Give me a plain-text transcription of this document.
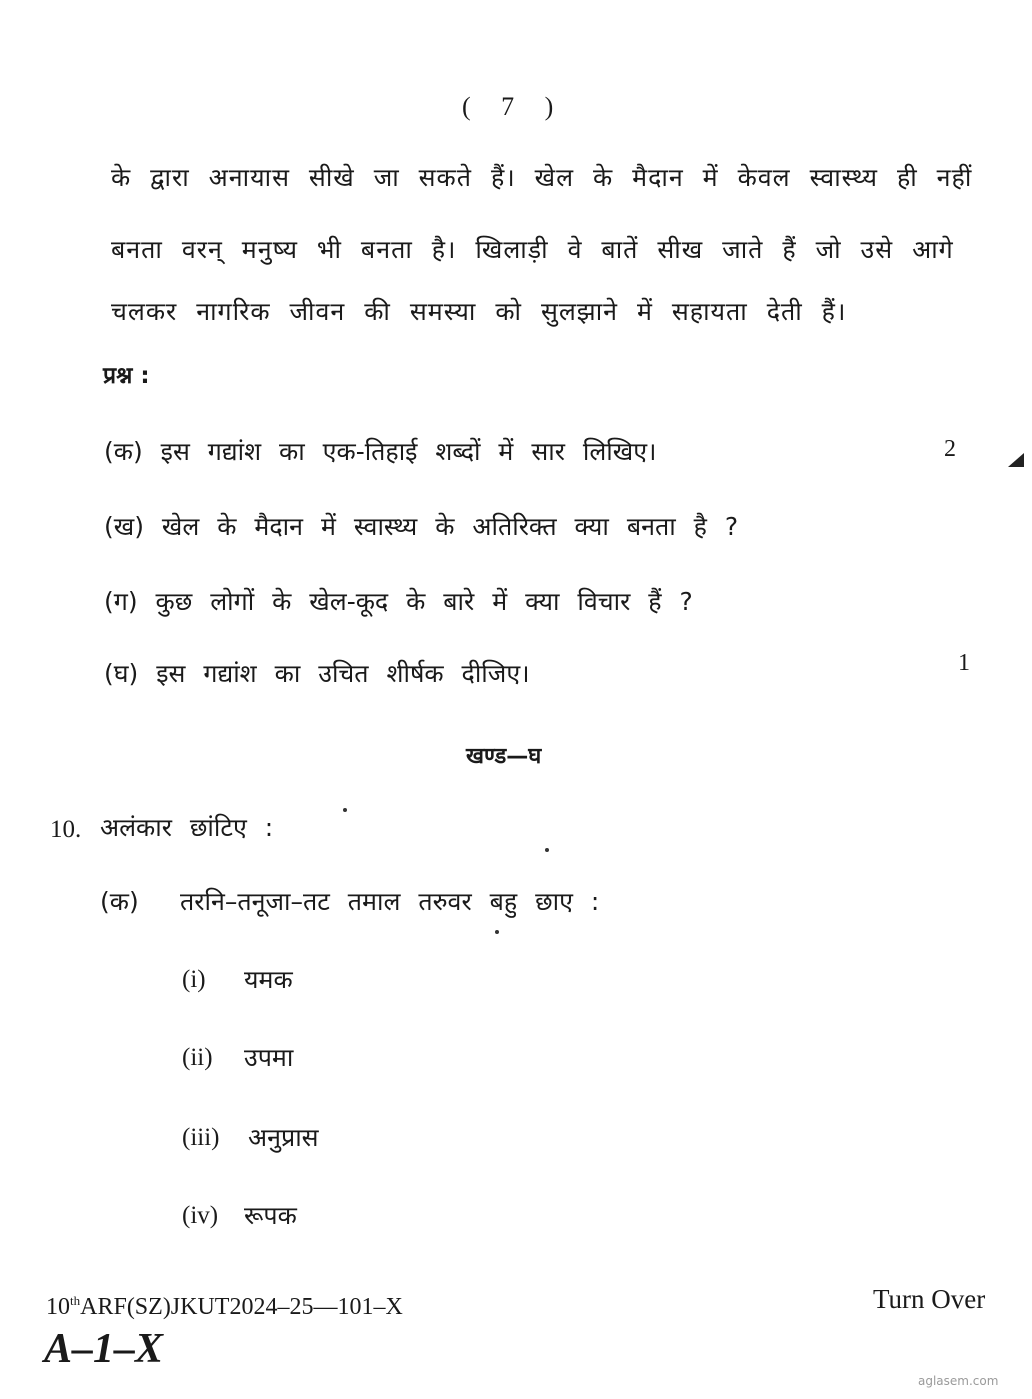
( 7 )
के द्वारा अनायास सीखे जा सकते हैं। खेल के मैदान में केवल स्वास्थ्य ही नहीं
बनता वरन् मनुष्य भी बनता है। खिलाड़ी वे बातें सीख जाते हैं जो उसे आगे
चलकर नागरिक जीवन की समस्या को सुलझाने में सहायता देती हैं।
प्रश्न :
(क) इस गद्यांश का एक-तिहाई शब्दों में सार लिखिए।	2
(ख) खेल के मैदान में स्वास्थ्य के अतिरिक्त क्या बनता है ?
(ग) कुछ लोगों के खेल-कूद के बारे में क्या विचार हैं ?
(घ) इस गद्यांश का उचित शीर्षक दीजिए।	1
खण्ड—घ
10. अलंकार छांटिए :
(क) तरनि–तनूजा–तट तमाल तरुवर बहु छाए :
(i) यमक
(ii) उपमा
(iii) अनुप्रास
(iv) रूपक
10thARF(SZ)JKUT2024–25—101–X
A–1–X
Turn Over
aglasem.com
